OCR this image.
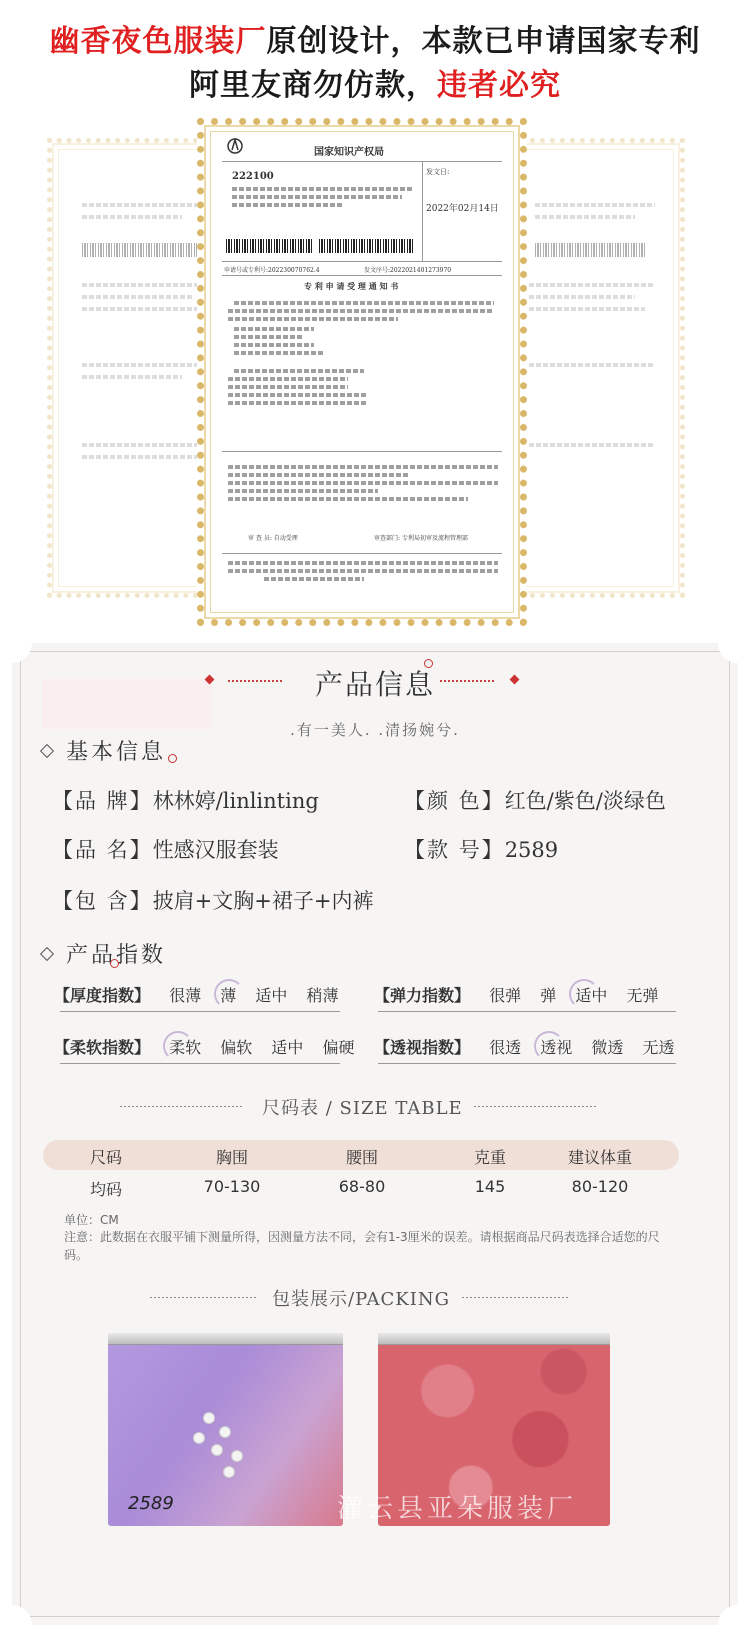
幽香夜色服装厂原创设计，本款已申请国家专利
阿里友商勿仿款，违者必究
国家知识产权局
222100	发文日:
2022年02月14日
申请号或专利号:202230070762.4	发文序号:2022021401273970
专 利 申 请 受 理 通 知 书
审 查 员: 自动受理	审查部门: 专利局初审及流程管理部
产品信息
.有一美人. .清扬婉兮.
基本信息
【品 牌】林林婷/linlinting	【颜 色】红色/紫色/淡绿色
【品 名】性感汉服套装	【款 号】2589
【包 含】披肩+文胸+裙子+内裤
产品指数
【厚度指数】 很薄 薄 适中 稍薄 【弹力指数】 很弹 弹 适中 无弹
【柔软指数】 柔软 偏软 适中 偏硬 【透视指数】 很透 透视 微透 无透
尺码表 / SIZE TABLE
尺码	胸围	腰围	克重	建议体重
均码	70-130	68-80	145	80-120
单位：CM
注意：此数据在衣服平铺下测量所得，因测量方法不同，会有1-3厘米的误差。请根据商品尺码表选择合适您的尺码。
包装展示/PACKING
2589	灌云县亚朵服装厂
